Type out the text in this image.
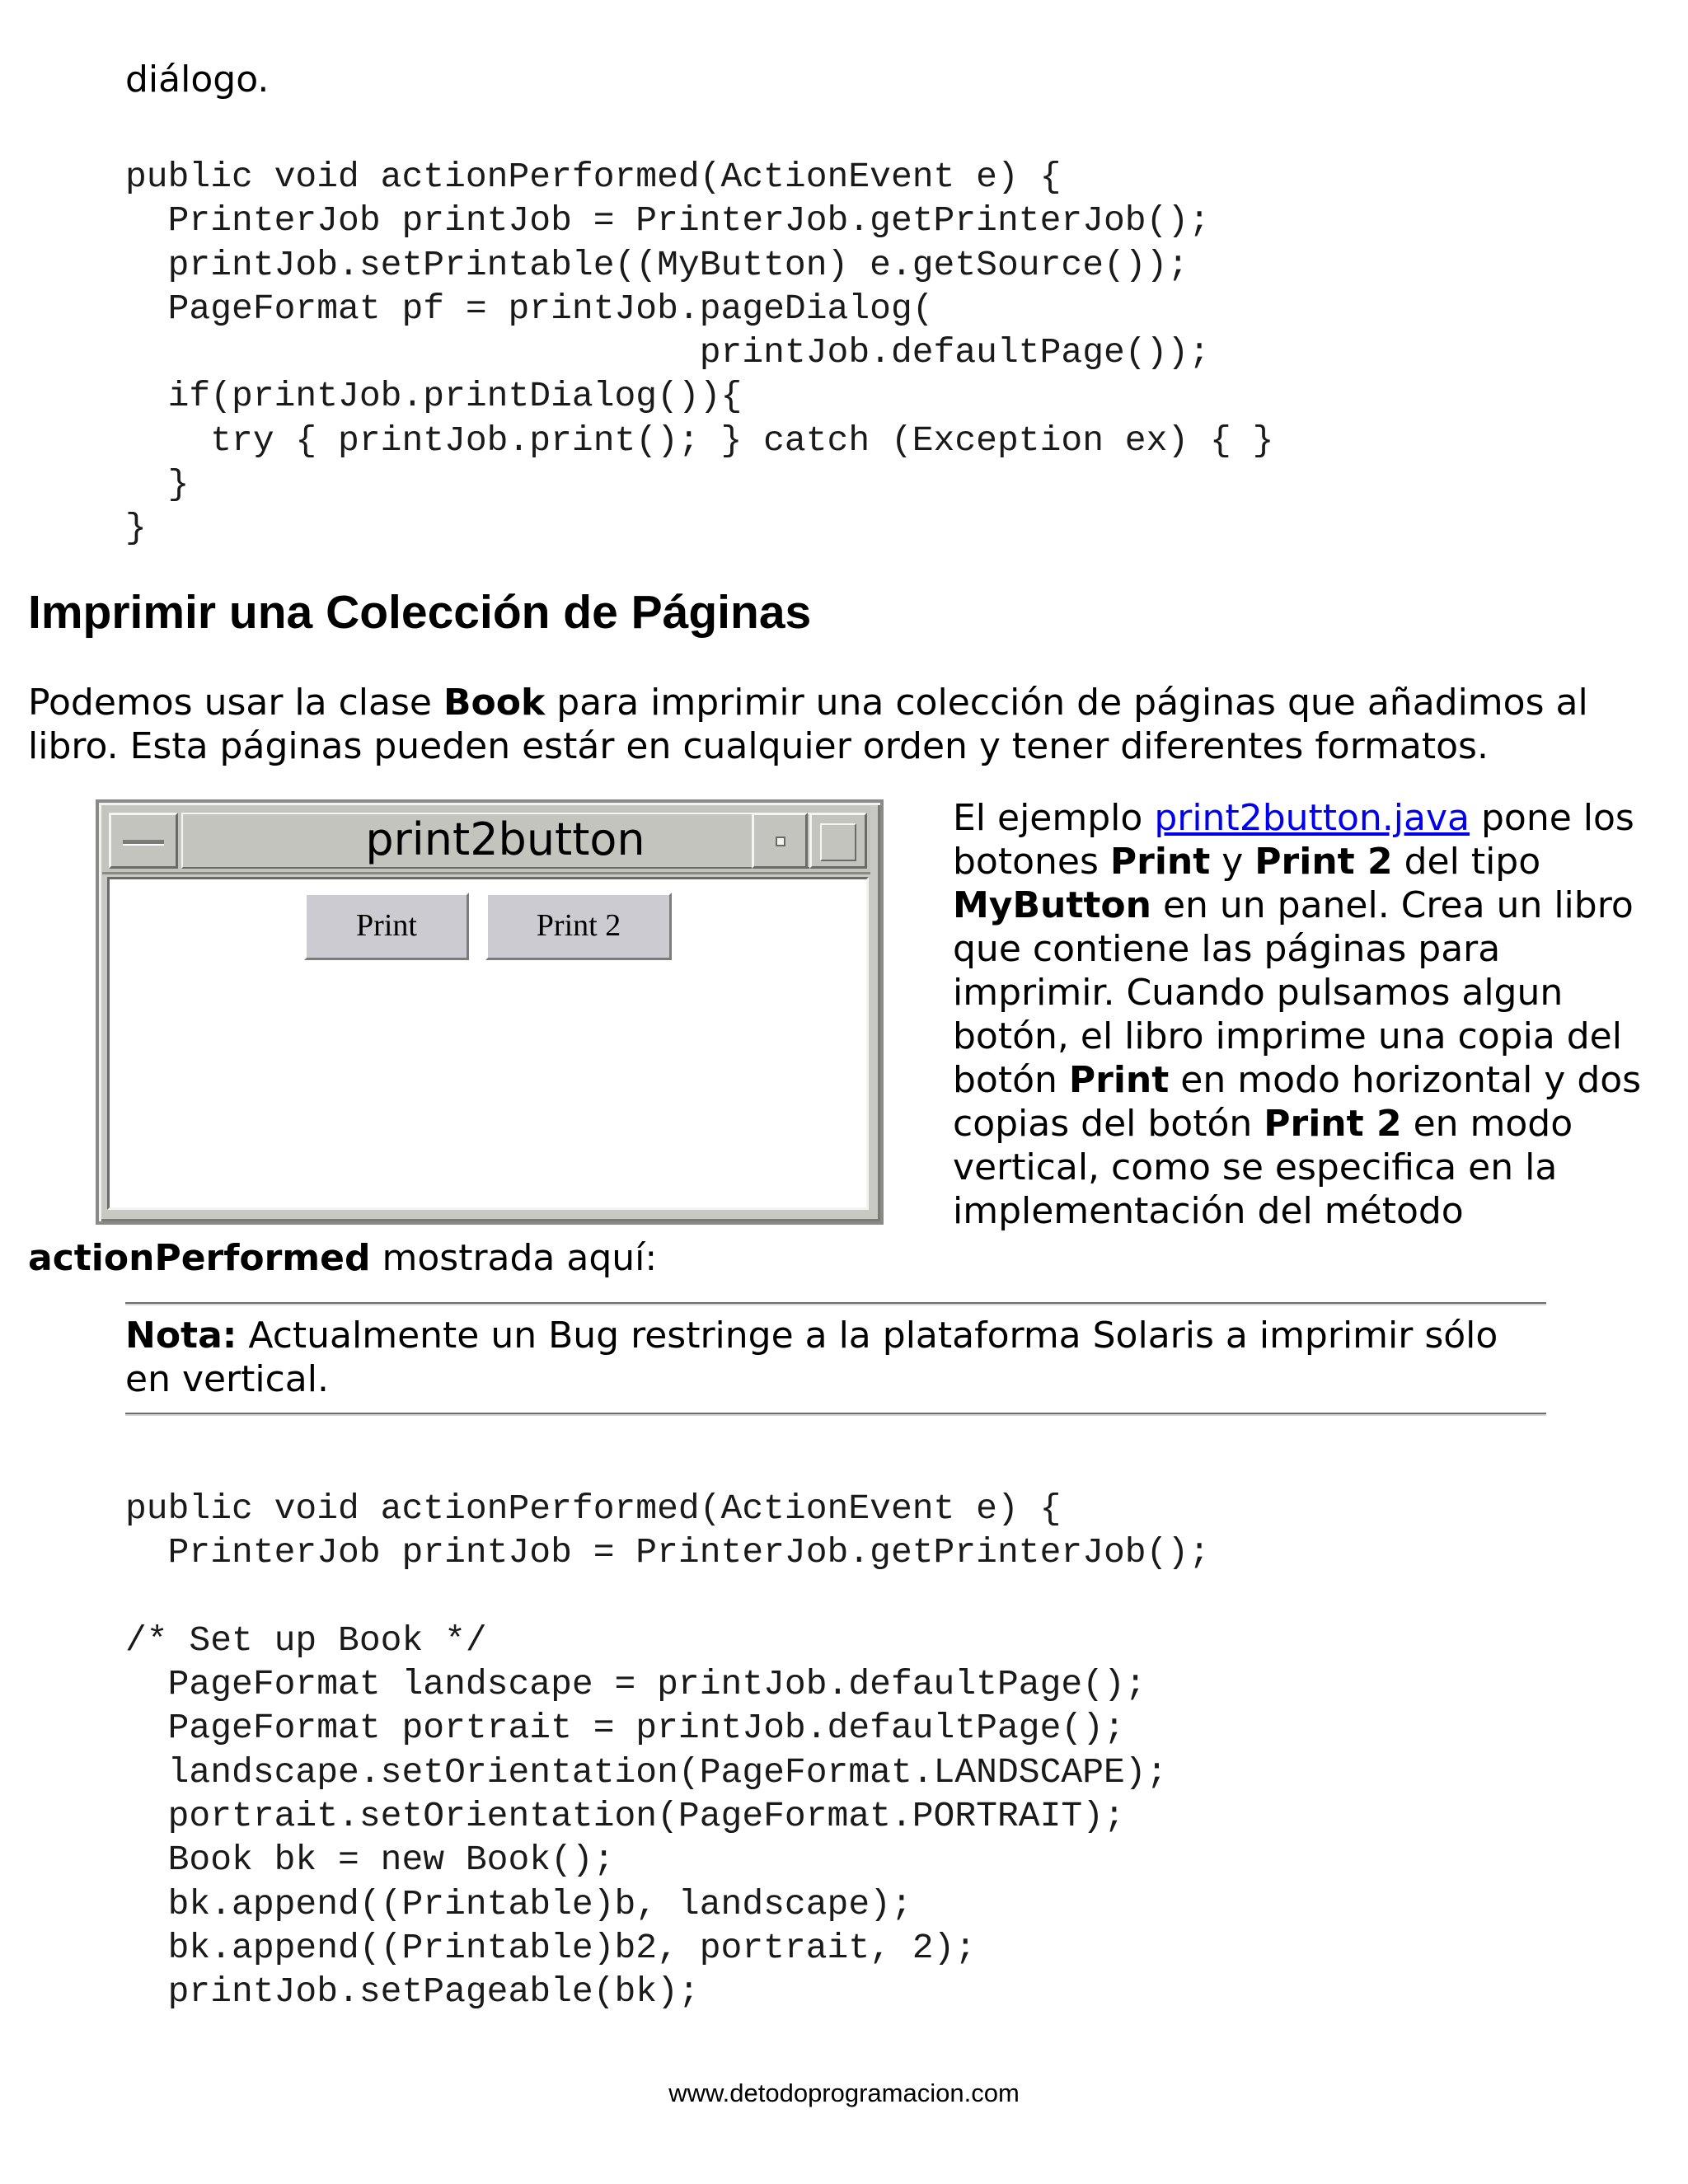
diálogo.
public void actionPerformed(ActionEvent e) {
PrinterJob printJob = PrinterJob.getPrinterJob();
printJob.setPrintable((MyButton) e.getSource());
PageFormat pf = printJob.pageDialog(
printJob.defaultPage());
if(printJob.printDialog()){
try { printJob.print(); } catch (Exception ex) { }
}
}
Imprimir una Colección de Páginas
Podemos usar la clase Book para imprimir una colección de páginas que añadimos al libro. Esta páginas pueden estár en cualquier orden y tener diferentes formatos.
print2button
Print	Print 2
El ejemplo print2button.java pone los botones Print y Print 2 del tipo MyButton en un panel. Crea un libro que contiene las páginas para imprimir. Cuando pulsamos algun botón, el libro imprime una copia del botón Print en modo horizontal y dos copias del botón Print 2 en modo vertical, como se especifica en la implementación del método
actionPerformed mostrada aquí:
Nota: Actualmente un Bug restringe a la plataforma Solaris a imprimir sólo en vertical.
public void actionPerformed(ActionEvent e) {
PrinterJob printJob = PrinterJob.getPrinterJob();

/* Set up Book */
PageFormat landscape = printJob.defaultPage();
PageFormat portrait = printJob.defaultPage();
landscape.setOrientation(PageFormat.LANDSCAPE);
portrait.setOrientation(PageFormat.PORTRAIT);
Book bk = new Book();
bk.append((Printable)b, landscape);
bk.append((Printable)b2, portrait, 2);
printJob.setPageable(bk);
www.detodoprogramacion.com
